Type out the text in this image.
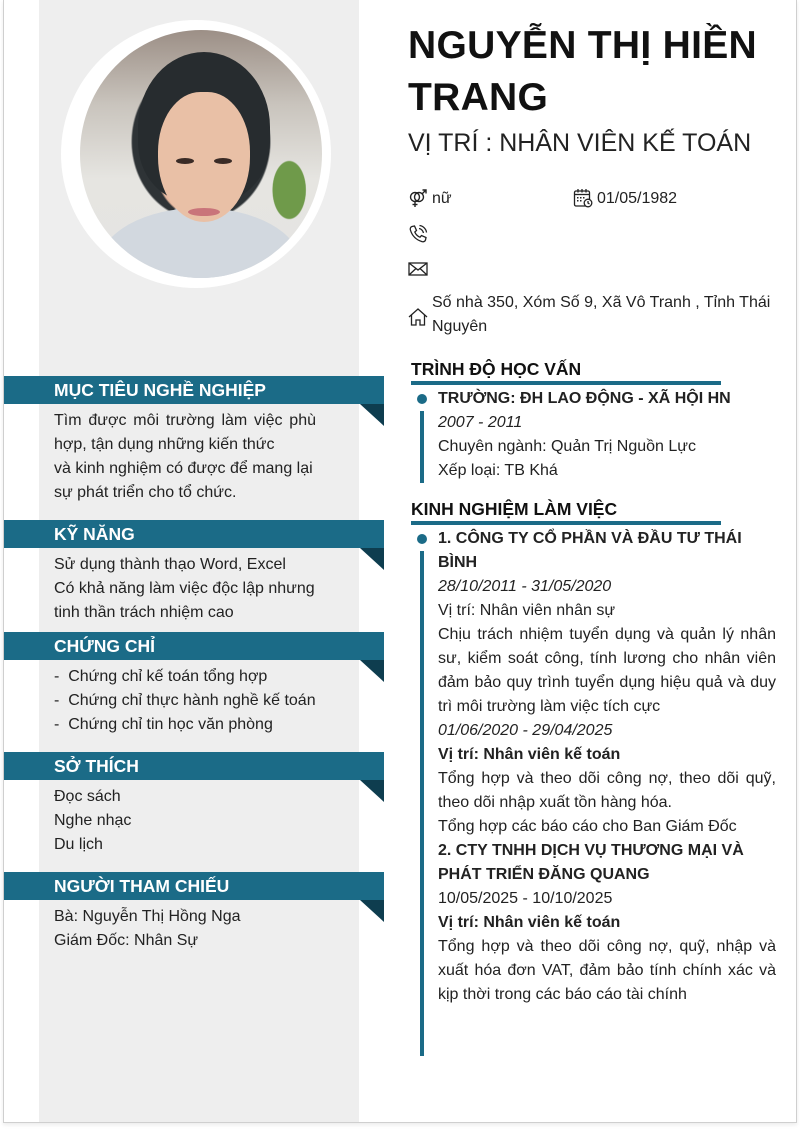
MỤC TIÊU NGHỀ NGHIỆP
Tìm được môi trường làm việc phù hợp, tận dụng những kiến thức
và kinh nghiệm có được để mang lại sự phát triển cho tổ chức.
KỸ NĂNG
Sử dụng thành thạo Word, Excel
Có khả năng làm việc độc lập nhưng tinh thần trách nhiệm cao
CHỨNG CHỈ
-  Chứng chỉ kế toán tổng hợp
-  Chứng chỉ thực hành nghề kế toán
-  Chứng chỉ tin học văn phòng
SỞ THÍCH
Đọc sách
Nghe nhạc
Du lịch
NGƯỜI THAM CHIẾU
Bà: Nguyễn Thị Hồng Nga
Giám Đốc: Nhân Sự
NGUYỄN THỊ HIỀN TRANG
VỊ TRÍ : NHÂN VIÊN KẾ TOÁN
nữ	01/05/1982
Số nhà 350, Xóm Số 9, Xã Vô Tranh , Tỉnh Thái Nguyên
TRÌNH ĐỘ HỌC VẤN
TRƯỜNG: ĐH LAO ĐỘNG - XÃ HỘI HN
2007 - 2011
Chuyên ngành: Quản Trị Nguồn Lực
Xếp loại: TB Khá
KINH NGHIỆM LÀM VIỆC
1. CÔNG TY CỔ PHẦN VÀ ĐẦU TƯ THÁI BÌNH
28/10/2011 - 31/05/2020
Vị trí: Nhân viên nhân sự
Chịu trách nhiệm tuyển dụng và quản lý nhân sư, kiểm soát công, tính lương cho nhân viên đảm bảo quy trình tuyển dụng hiệu quả và duy trì môi trường làm việc tích cực
01/06/2020 - 29/04/2025
Vị trí: Nhân viên kế toán
Tổng hợp và theo dõi công nợ, theo dõi quỹ, theo dõi nhập xuất tồn hàng hóa.
Tổng hợp các báo cáo cho Ban Giám Đốc
2. CTY TNHH DỊCH VỤ THƯƠNG MẠI VÀ PHÁT TRIỂN ĐĂNG QUANG
10/05/2025 - 10/10/2025
Vị trí: Nhân viên kế toán
Tổng hợp và theo dõi công nợ, quỹ, nhập và xuất hóa đơn VAT, đảm bảo tính chính xác và kịp thời trong các báo cáo tài chính
